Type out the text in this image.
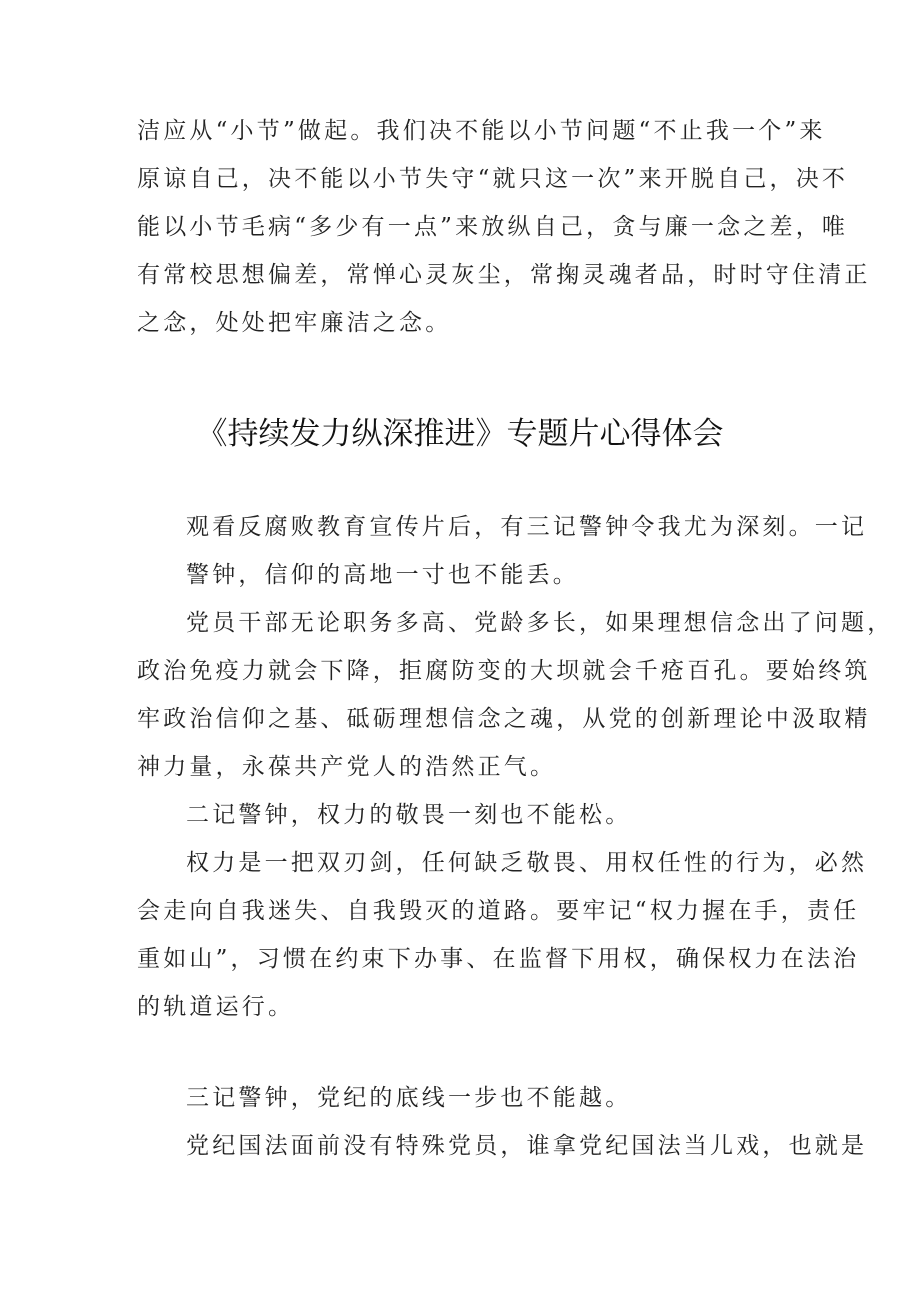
洁应从“小节”做起。我们决不能以小节问题“不止我一个”来
原谅自己，决不能以小节失守“就只这一次”来开脱自己，决不
能以小节毛病“多少有一点”来放纵自己，贪与廉一念之差，唯
有常校思想偏差，常惮心灵灰尘，常掬灵魂者品，时时守住清正
之念，处处把牢廉洁之念。
《持续发力纵深推进》专题片心得体会
观看反腐败教育宣传片后，有三记警钟令我尤为深刻。一记
警钟，信仰的高地一寸也不能丢。
党员干部无论职务多高、党龄多长，如果理想信念出了问题，
政治免疫力就会下降，拒腐防变的大坝就会千疮百孔。要始终筑
牢政治信仰之基、砥砺理想信念之魂，从党的创新理论中汲取精
神力量，永葆共产党人的浩然正气。
二记警钟，权力的敬畏一刻也不能松。
权力是一把双刃剑，任何缺乏敬畏、用权任性的行为，必然
会走向自我迷失、自我毁灭的道路。要牢记“权力握在手，责任
重如山”，习惯在约束下办事、在监督下用权，确保权力在法治
的轨道运行。
三记警钟，党纪的底线一步也不能越。
党纪国法面前没有特殊党员，谁拿党纪国法当儿戏，也就是
